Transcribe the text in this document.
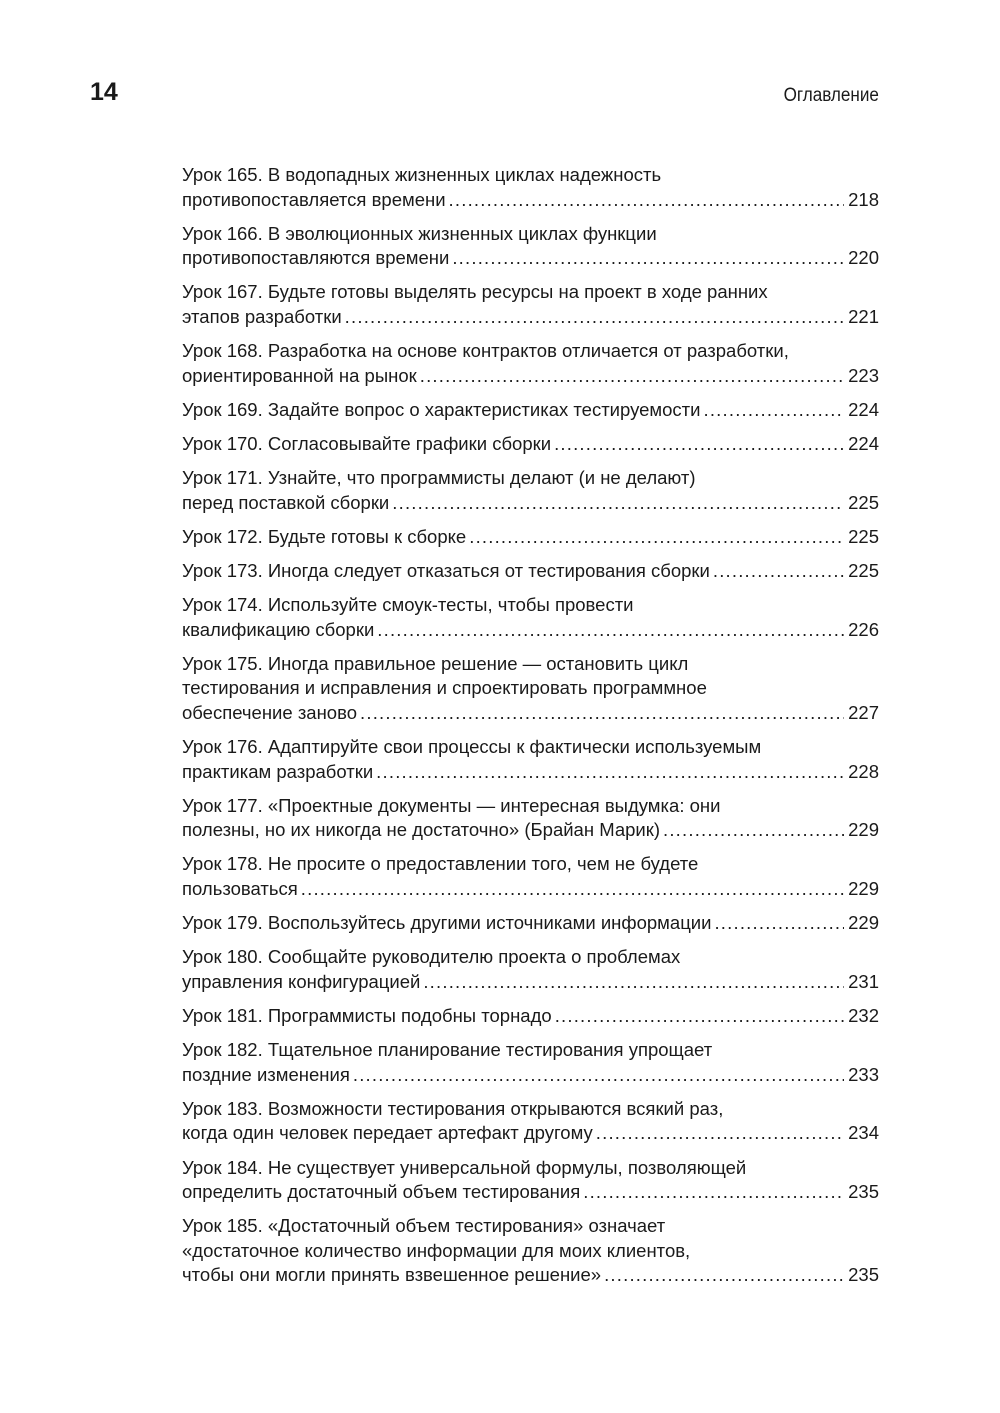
14	Оглавление
Урок 165. В водопадных жизненных циклах надежность
противопоставляется времени .....	218
Урок 166. В эволюционных жизненных циклах функции
противопоставляются времени .....	220
Урок 167. Будьте готовы выделять ресурсы на проект в ходе ранних
этапов разработки .....	221
Урок 168. Разработка на основе контрактов отличается от разработки,
ориентированной на рынок .....	223
Урок 169. Задайте вопрос о характеристиках тестируемости .....	224
Урок 170. Согласовывайте графики сборки .....	224
Урок 171. Узнайте, что программисты делают (и не делают)
перед поставкой сборки .....	225
Урок 172. Будьте готовы к сборке .....	225
Урок 173. Иногда следует отказаться от тестирования сборки .....	225
Урок 174. Используйте смоук-тесты, чтобы провести
квалификацию сборки .....	226
Урок 175. Иногда правильное решение — остановить цикл
тестирования и исправления и спроектировать программное
обеспечение заново .....	227
Урок 176. Адаптируйте свои процессы к фактически используемым
практикам разработки .....	228
Урок 177. «Проектные документы — интересная выдумка: они
полезны, но их никогда не достаточно» (Брайан Марик) .....	229
Урок 178. Не просите о предоставлении того, чем не будете
пользоваться .....	229
Урок 179. Воспользуйтесь другими источниками информации .....	229
Урок 180. Сообщайте руководителю проекта о проблемах
управления конфигурацией .....	231
Урок 181. Программисты подобны торнадо .....	232
Урок 182. Тщательное планирование тестирования упрощает
поздние изменения .....	233
Урок 183. Возможности тестирования открываются всякий раз,
когда один человек передает артефакт другому .....	234
Урок 184. Не существует универсальной формулы, позволяющей
определить достаточный объем тестирования .....	235
Урок 185. «Достаточный объем тестирования» означает
«достаточное количество информации для моих клиентов,
чтобы они могли принять взвешенное решение» .....	235
